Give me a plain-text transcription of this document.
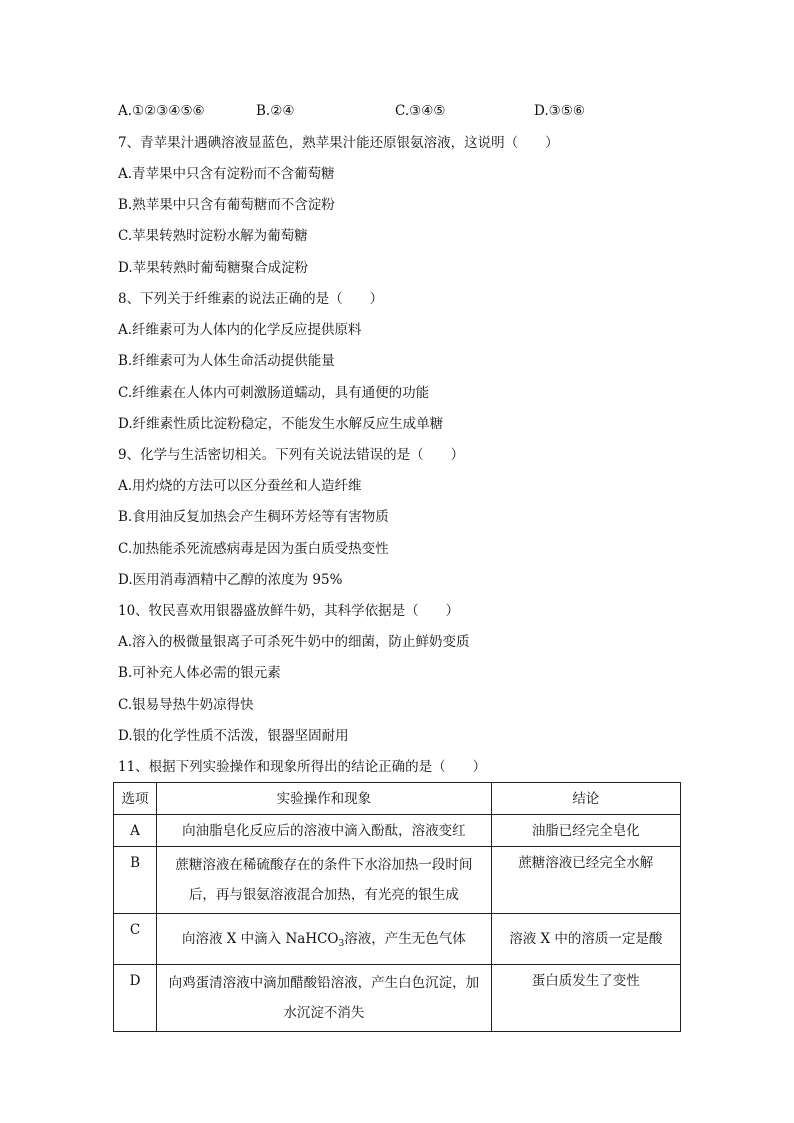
A.①②③④⑤⑥	B.②④	C.③④⑤	D.③⑤⑥
7、青苹果汁遇碘溶液显蓝色，熟苹果汁能还原银氨溶液，这说明（　　）
A.青苹果中只含有淀粉而不含葡萄糖
B.熟苹果中只含有葡萄糖而不含淀粉
C.苹果转熟时淀粉水解为葡萄糖
D.苹果转熟时葡萄糖聚合成淀粉
8、下列关于纤维素的说法正确的是（　　）
A.纤维素可为人体内的化学反应提供原料
B.纤维素可为人体生命活动提供能量
C.纤维素在人体内可刺激肠道蠕动，具有通便的功能
D.纤维素性质比淀粉稳定，不能发生水解反应生成单糖
9、化学与生活密切相关。下列有关说法错误的是（　　）
A.用灼烧的方法可以区分蚕丝和人造纤维
B.食用油反复加热会产生稠环芳烃等有害物质
C.加热能杀死流感病毒是因为蛋白质受热变性
D.医用消毒酒精中乙醇的浓度为 95%
10、牧民喜欢用银器盛放鲜牛奶，其科学依据是（　　）
A.溶入的极微量银离子可杀死牛奶中的细菌，防止鲜奶变质
B.可补充人体必需的银元素
C.银易导热牛奶凉得快
D.银的化学性质不活泼，银器坚固耐用
11、根据下列实验操作和现象所得出的结论正确的是（　　）
选项	实验操作和现象	结论
A	向油脂皂化反应后的溶液中滴入酚酞，溶液变红	油脂已经完全皂化
B	蔗糖溶液在稀硫酸存在的条件下水浴加热一段时间
后，再与银氨溶液混合加热，有光亮的银生成	蔗糖溶液已经完全水解
C	向溶液 X 中滴入 NaHCO$_3$溶液，产生无色气体	溶液 X 中的溶质一定是酸
D	向鸡蛋清溶液中滴加醋酸铅溶液，产生白色沉淀，加
水沉淀不消失	蛋白质发生了变性
